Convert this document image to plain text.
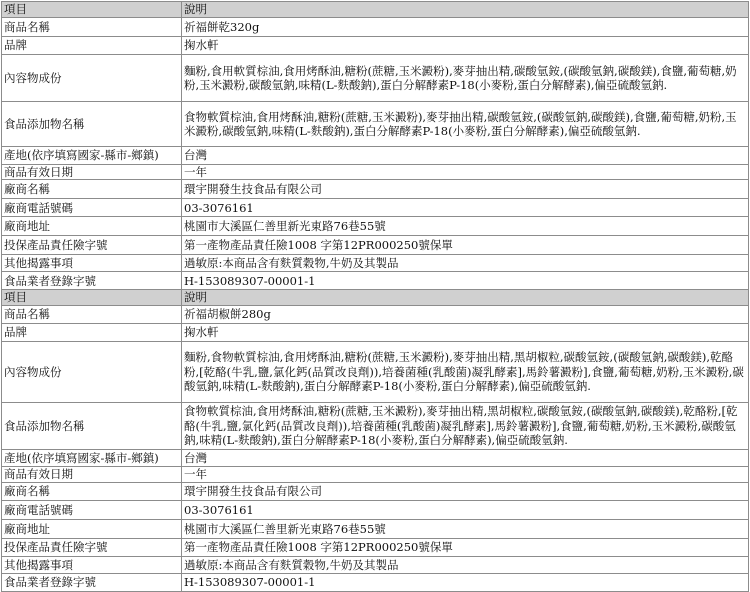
項目	說明
商品名稱	祈福餅乾320g
品牌	掬水軒
內容物成份	麵粉,食用軟質棕油,食用烤酥油,糖粉(蔗糖,玉米澱粉),麥芽抽出精,碳酸氫銨,(碳酸氫鈉,碳酸鎂),食鹽,葡萄糖,奶粉,玉米澱粉,碳酸氫鈉,味精(L-麩酸鈉),蛋白分解酵素P-18(小麥粉,蛋白分解酵素),偏亞硫酸氫鈉.
食品添加物名稱	食物軟質棕油,食用烤酥油,糖粉(蔗糖,玉米澱粉),麥芽抽出精,碳酸氫銨,(碳酸氫鈉,碳酸鎂),食鹽,葡萄糖,奶粉,玉米澱粉,碳酸氫鈉,味精(L-麩酸鈉),蛋白分解酵素P-18(小麥粉,蛋白分解酵素),偏亞硫酸氫鈉.
產地(依序填寫國家-縣市-鄉鎮)	台灣
商品有效日期	一年
廠商名稱	環宇開發生技食品有限公司
廠商電話號碼	03-3076161
廠商地址	桃園市大溪區仁善里新光東路76巷55號
投保產品責任險字號	第一產物產品責任險1008 字第12PR000250號保單
其他揭露事項	過敏原:本商品含有麩質穀物,牛奶及其製品
食品業者登錄字號	H-153089307-00001-1
項目	說明
商品名稱	祈福胡椒餅280g
品牌	掬水軒
內容物成份	麵粉,食物軟質棕油,食用烤酥油,糖粉(蔗糖,玉米澱粉),麥芽抽出精,黑胡椒粒,碳酸氫銨,(碳酸氫鈉,碳酸鎂),乾酪粉,[乾酪(牛乳,鹽,氯化鈣(品質改良劑)),培養菌種(乳酸菌)凝乳酵素],馬鈴薯澱粉],食鹽,葡萄糖,奶粉,玉米澱粉,碳酸氫鈉,味精(L-麩酸鈉),蛋白分解酵素P-18(小麥粉,蛋白分解酵素),偏亞硫酸氫鈉.
食品添加物名稱	食物軟質棕油,食用烤酥油,糖粉(蔗糖,玉米澱粉),麥芽抽出精,黑胡椒粒,碳酸氫銨,(碳酸氫鈉,碳酸鎂),乾酪粉,[乾酪(牛乳,鹽,氯化鈣(品質改良劑)),培養菌種(乳酸菌)凝乳酵素],馬鈴薯澱粉],食鹽,葡萄糖,奶粉,玉米澱粉,碳酸氫鈉,味精(L-麩酸鈉),蛋白分解酵素P-18(小麥粉,蛋白分解酵素),偏亞硫酸氫鈉.
產地(依序填寫國家-縣市-鄉鎮)	台灣
商品有效日期	一年
廠商名稱	環宇開發生技食品有限公司
廠商電話號碼	03-3076161
廠商地址	桃園市大溪區仁善里新光東路76巷55號
投保產品責任險字號	第一產物產品責任險1008 字第12PR000250號保單
其他揭露事項	過敏原:本商品含有麩質穀物,牛奶及其製品
食品業者登錄字號	H-153089307-00001-1
